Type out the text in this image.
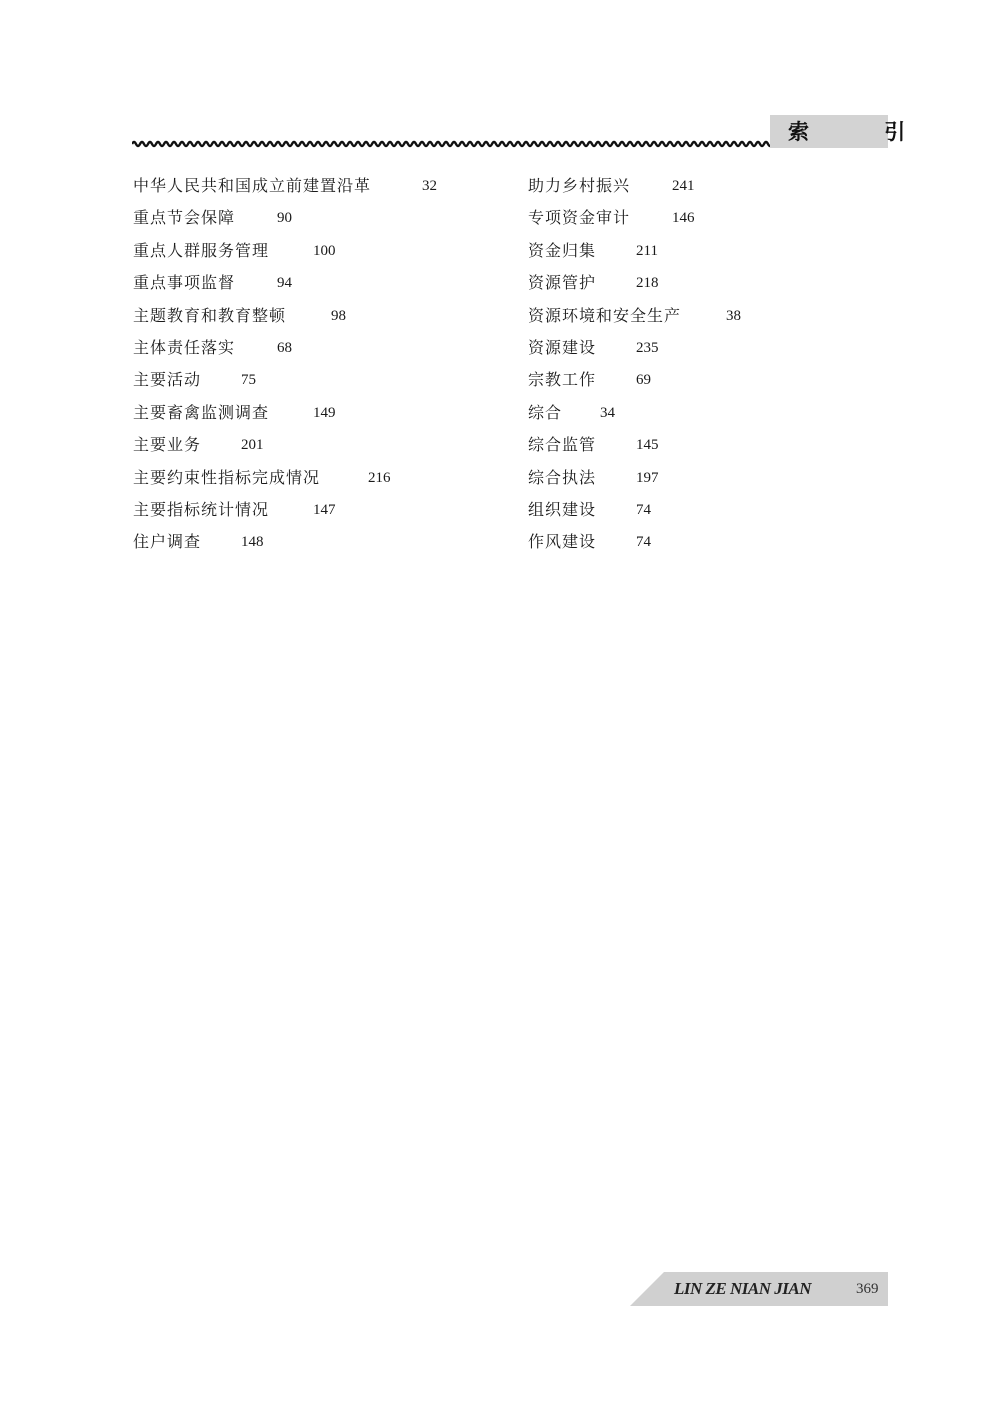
索 引
中华人民共和国成立前建置沿革	32
重点节会保障	90
重点人群服务管理	100
重点事项监督	94
主题教育和教育整顿	98
主体责任落实	68
主要活动	75
主要畜禽监测调查	149
主要业务	201
主要约束性指标完成情况	216
主要指标统计情况	147
住户调查	148
助力乡村振兴	241
专项资金审计	146
资金归集	211
资源管护	218
资源环境和安全生产	38
资源建设	235
宗教工作	69
综合	34
综合监管	145
综合执法	197
组织建设	74
作风建设	74
LIN ZE NIAN JIAN	369
